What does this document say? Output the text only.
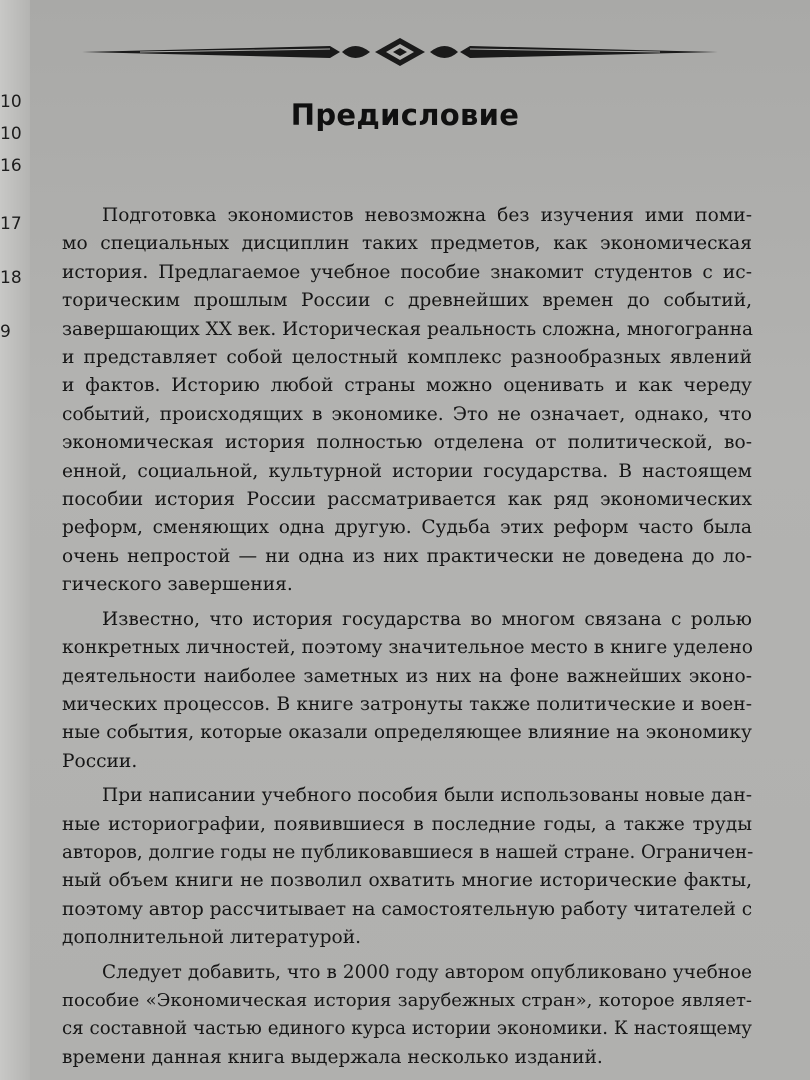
10
10
16
17
18
9
Предисловие
Подготовка экономистов невозможна без изучения ими поми-
мо специальных дисциплин таких предметов, как экономическая
история. Предлагаемое учебное пособие знакомит студентов с ис-
торическим прошлым России с древнейших времен до событий,
завершающих XX век. Историческая реальность сложна, многогранна
и представляет собой целостный комплекс разнообразных явлений
и фактов. Историю любой страны можно оценивать и как череду
событий, происходящих в экономике. Это не означает, однако, что
экономическая история полностью отделена от политической, во-
енной, социальной, культурной истории государства. В настоящем
пособии история России рассматривается как ряд экономических
реформ, сменяющих одна другую. Судьба этих реформ часто была
очень непростой — ни одна из них практически не доведена до ло-
гического завершения.
Известно, что история государства во многом связана с ролью
конкретных личностей, поэтому значительное место в книге уделено
деятельности наиболее заметных из них на фоне важнейших эконо-
мических процессов. В книге затронуты также политические и воен-
ные события, которые оказали определяющее влияние на экономику
России.
При написании учебного пособия были использованы новые дан-
ные историографии, появившиеся в последние годы, а также труды
авторов, долгие годы не публиковавшиеся в нашей стране. Ограничен-
ный объем книги не позволил охватить многие исторические факты,
поэтому автор рассчитывает на самостоятельную работу читателей с
дополнительной литературой.
Следует добавить, что в 2000 году автором опубликовано учебное
пособие «Экономическая история зарубежных стран», которое являет-
ся составной частью единого курса истории экономики. К настоящему
времени данная книга выдержала несколько изданий.
